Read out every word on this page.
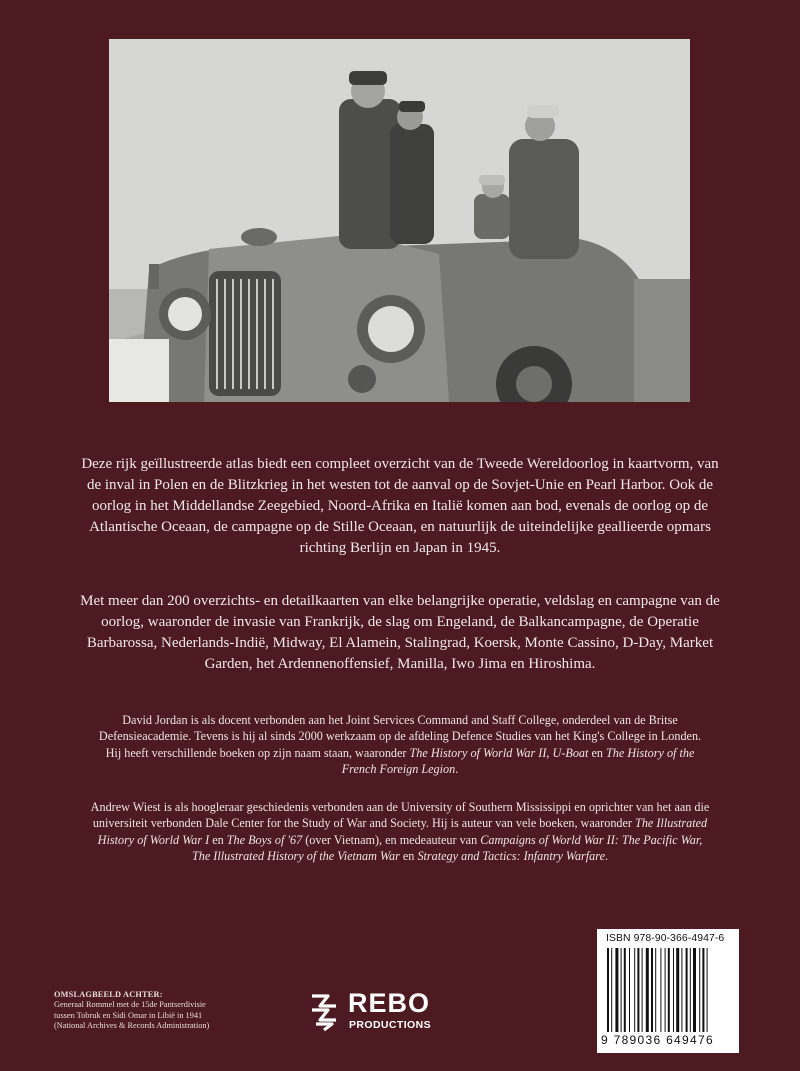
Deze rijk geïllustreerde atlas biedt een compleet overzicht van de Tweede Wereldoorlog in kaartvorm, van de inval in Polen en de Blitzkrieg in het westen tot de aanval op de Sovjet-Unie en Pearl Harbor. Ook de oorlog in het Middellandse Zeegebied, Noord-Afrika en Italië komen aan bod, evenals de oorlog op de Atlantische Oceaan, de campagne op de Stille Oceaan, en natuurlijk de uiteindelijke geallieerde opmars richting Berlijn en Japan in 1945.
Met meer dan 200 overzichts- en detailkaarten van elke belangrijke operatie, veldslag en campagne van de oorlog, waaronder de invasie van Frankrijk, de slag om Engeland, de Balkancampagne, de Operatie Barbarossa, Nederlands-Indië, Midway, El Alamein, Stalingrad, Koersk, Monte Cassino, D-Day, Market Garden, het Ardennenoffensief, Manilla, Iwo Jima en Hiroshima.
David Jordan is als docent verbonden aan het Joint Services Command and Staff College, onderdeel van de Britse Defensieacademie. Tevens is hij al sinds 2000 werkzaam op de afdeling Defence Studies van het King's College in Londen. Hij heeft verschillende boeken op zijn naam staan, waaronder The History of World War II, U-Boat en The History of the French Foreign Legion.
Andrew Wiest is als hoogleraar geschiedenis verbonden aan de University of Southern Mississippi en oprichter van het aan die universiteit verbonden Dale Center for the Study of War and Society. Hij is auteur van vele boeken, waaronder The Illustrated History of World War I en The Boys of '67 (over Vietnam), en medeauteur van Campaigns of World War II: The Pacific War, The Illustrated History of the Vietnam War en Strategy and Tactics: Infantry Warfare.
OMSLAGBEELD ACHTER:
Generaal Rommel met de 15de Pantserdivisie
tussen Tobruk en Sidi Omar in Libië in 1941
(National Archives & Records Administration)
REBO
PRODUCTIONS
ISBN 978-90-366-4947-6
9 789036 649476
